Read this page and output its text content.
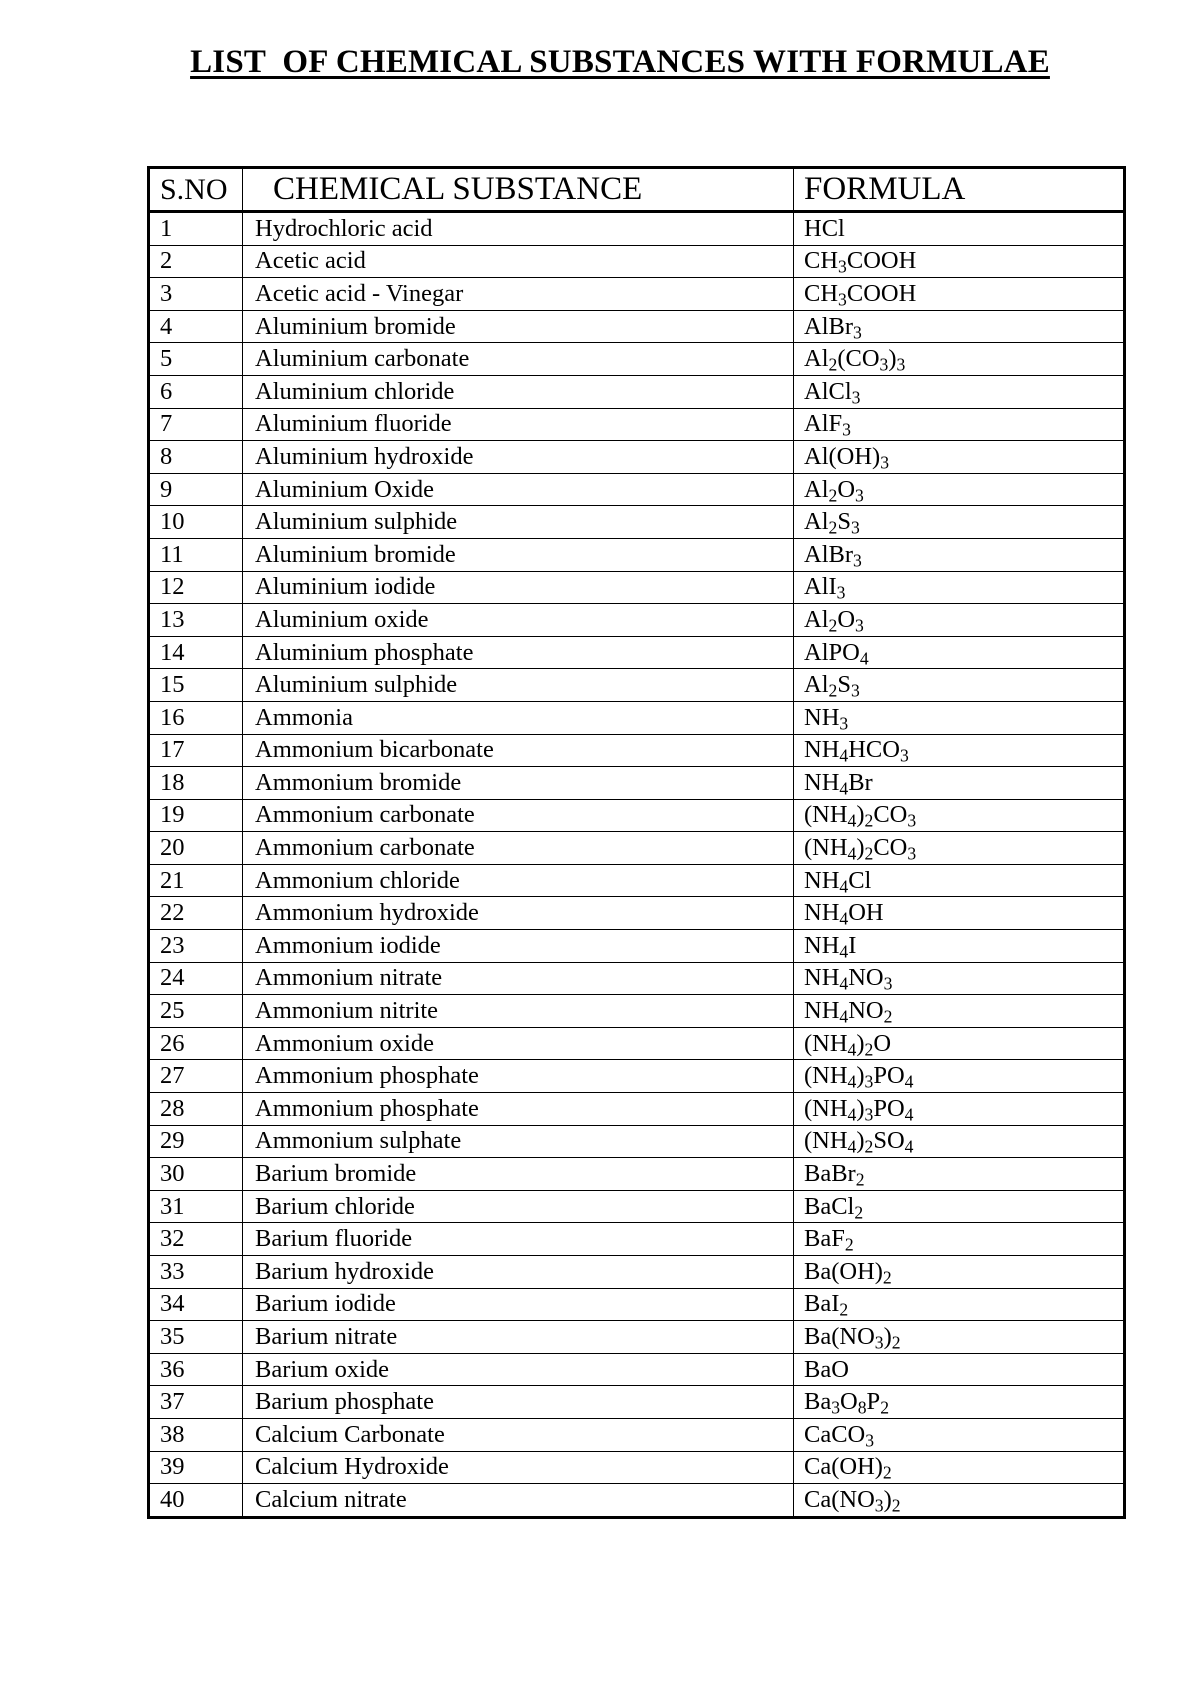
LIST  OF CHEMICAL SUBSTANCES WITH FORMULAE
S.NO	CHEMICAL SUBSTANCE	FORMULA
1	Hydrochloric acid	HCl
2	Acetic acid	$CH_3COOH$
3	Acetic acid - Vinegar	$CH_3COOH$
4	Aluminium bromide	AlBr$_3$
5	Aluminium carbonate	$Al_2(CO_3)_3$
6	Aluminium chloride	AlCl$_3$
7	Aluminium fluoride	AlF$_3$
8	Aluminium hydroxide	$Al(OH)_3$
9	Aluminium Oxide	$Al_2O_3$
10	Aluminium sulphide	$Al_2S_3$
11	Aluminium bromide	AlBr$_3$
12	Aluminium iodide	AlI$_3$
13	Aluminium oxide	$Al_2O_3$
14	Aluminium phosphate	AlPO$_4$
15	Aluminium sulphide	$Al_2S_3$
16	Ammonia	$NH_3$
17	Ammonium bicarbonate	$NH_4HCO_3$
18	Ammonium bromide	$NH_4Br$
19	Ammonium carbonate	$(NH_4)_2CO_3$
20	Ammonium carbonate	$(NH_4)_2CO_3$
21	Ammonium chloride	$NH_4Cl$
22	Ammonium hydroxide	$NH_4OH$
23	Ammonium iodide	$NH_4I$
24	Ammonium nitrate	$NH_4NO_3$
25	Ammonium nitrite	$NH_4NO_2$
26	Ammonium oxide	$(NH_4)_2O$
27	Ammonium phosphate	$(NH_4)_3PO_4$
28	Ammonium phosphate	$(NH_4)_3PO_4$
29	Ammonium sulphate	$(NH_4)_2SO_4$
30	Barium bromide	BaBr$_2$
31	Barium chloride	BaCl$_2$
32	Barium fluoride	BaF$_2$
33	Barium hydroxide	$Ba(OH)_2$
34	Barium iodide	BaI$_2$
35	Barium nitrate	$Ba(NO_3)_2$
36	Barium oxide	BaO
37	Barium phosphate	$Ba_3O_8P_2$
38	Calcium Carbonate	CaCO$_3$
39	Calcium Hydroxide	$Ca(OH)_2$
40	Calcium nitrate	$Ca(NO_3)_2$
